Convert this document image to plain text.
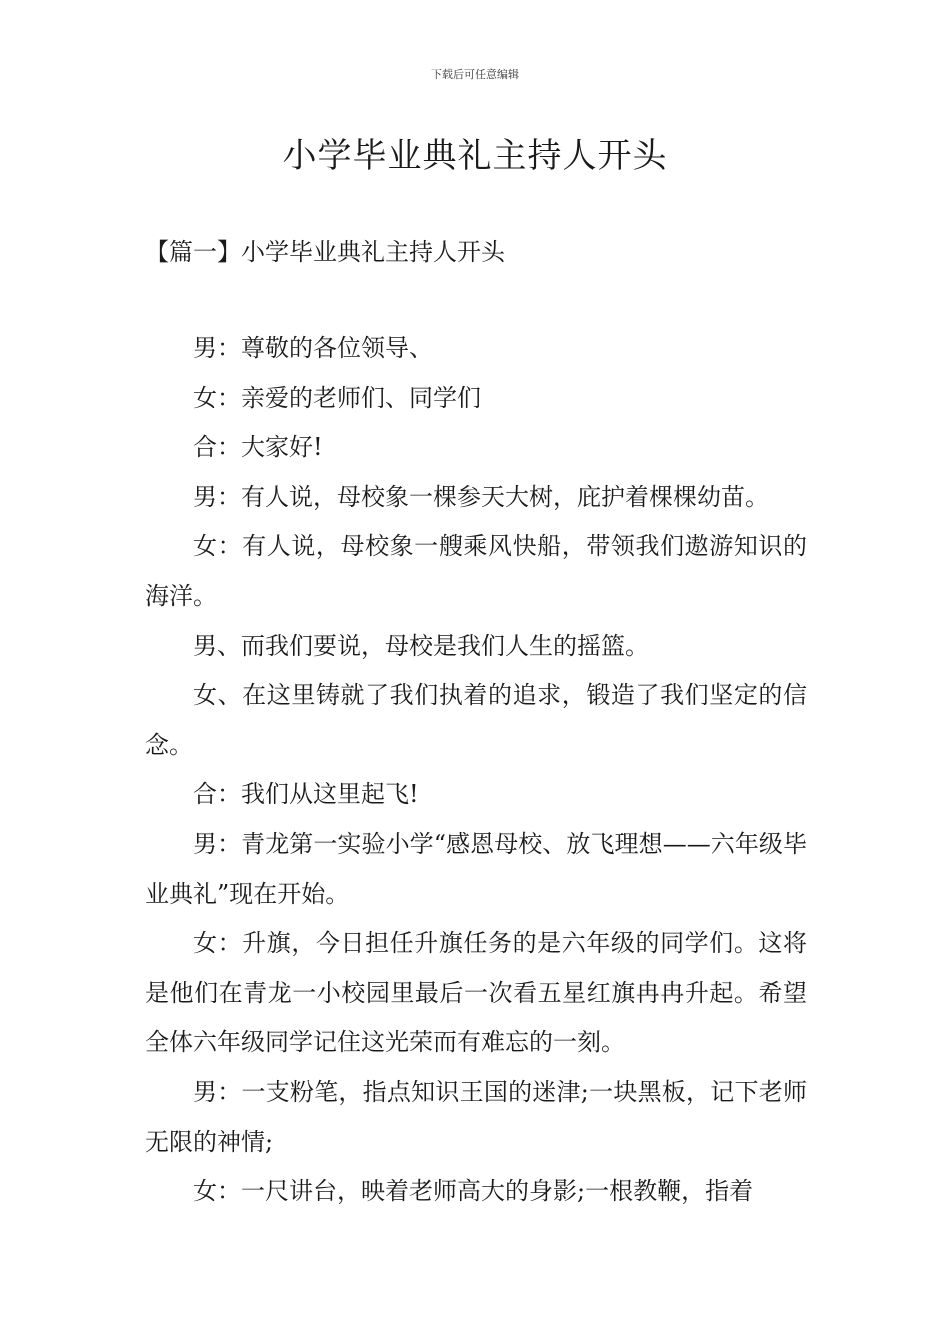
下载后可任意编辑
小学毕业典礼主持人开头
【篇一】小学毕业典礼主持人开头

男：尊敬的各位领导、

女：亲爱的老师们、同学们

合：大家好!

男：有人说，母校象一棵参天大树，庇护着棵棵幼苗。

女：有人说，母校象一艘乘风快船，带领我们遨游知识的海洋。

男、而我们要说，母校是我们人生的摇篮。

女、在这里铸就了我们执着的追求，锻造了我们坚定的信念。

合：我们从这里起飞!

男：青龙第一实验小学“感恩母校、放飞理想——六年级毕业典礼”现在开始。

女：升旗，今日担任升旗任务的是六年级的同学们。这将是他们在青龙一小校园里最后一次看五星红旗冉冉升起。希望全体六年级同学记住这光荣而有难忘的一刻。

男：一支粉笔，指点知识王国的迷津;一块黑板，记下老师无限的神情;

女：一尺讲台，映着老师高大的身影;一根教鞭，指着
